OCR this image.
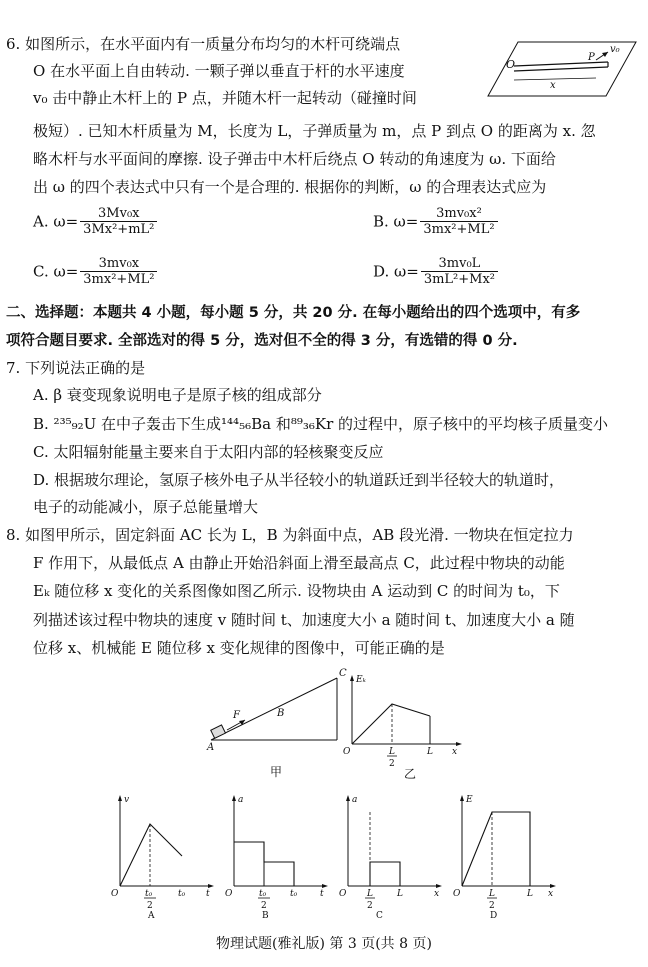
6. 如图所示，在水平面内有一质量分布均匀的木杆可绕端点
O 在水平面上自由转动. 一颗子弹以垂直于杆的水平速度
v₀ 击中静止木杆上的 P 点，并随木杆一起转动（碰撞时间
极短）. 已知木杆质量为 M，长度为 L，子弹质量为 m，点 P 到点 O 的距离为 x. 忽
略木杆与水平面间的摩擦. 设子弹击中木杆后绕点 O 转动的角速度为 ω. 下面给
出 ω 的四个表达式中只有一个是合理的. 根据你的判断，ω 的合理表达式应为
O
P
v₀
x
A. $\omega= \frac{\text{3Mv₀x}}{\text{3Mx²+mL²}}$	B. $\omega= \frac{\text{3mv₀x²}}{\text{3mx²+ML²}}$
C. $\omega= \frac{\text{3mv₀x}}{\text{3mx²+ML²}}$	D. $\omega= \frac{\text{3mv₀L}}{\text{3mL²+Mx²}}$
二、选择题：本题共 4 小题，每小题 5 分，共 20 分. 在每小题给出的四个选项中，有多
项符合题目要求. 全部选对的得 5 分，选对但不全的得 3 分，有选错的得 0 分.
7. 下列说法正确的是
A. β 衰变现象说明电子是原子核的组成部分
B. ²³⁵₉₂U 在中子轰击下生成¹⁴⁴₅₆Ba 和⁸⁹₃₆Kr 的过程中，原子核中的平均核子质量变小
C. 太阳辐射能量主要来自于太阳内部的轻核聚变反应
D. 根据玻尔理论，氢原子核外电子从半径较小的轨道跃迁到半径较大的轨道时，
电子的动能减小，原子总能量增大
8. 如图甲所示，固定斜面 AC 长为 L，B 为斜面中点，AB 段光滑. 一物块在恒定拉力
F 作用下，从最低点 A 由静止开始沿斜面上滑至最高点 C，此过程中物块的动能
Eₖ 随位移 x 变化的关系图像如图乙所示. 设物块由 A 运动到 C 的时间为 t₀，下
列描述该过程中物块的速度 v 随时间 t、加速度大小 a 随时间 t、加速度大小 a 随
位移 x、机械能 E 随位移 x 变化规律的图像中，可能正确的是
A
B
C
F
甲
Eₖ
x
O	L
2
L
乙
v
t
O	t₀
2
t₀
A
a
t
O	t₀
2
t₀
B
a
x
O L
2
L
C
E
x
O	L
2
L
D
物理试题(雅礼版) 第 3 页(共 8 页)
